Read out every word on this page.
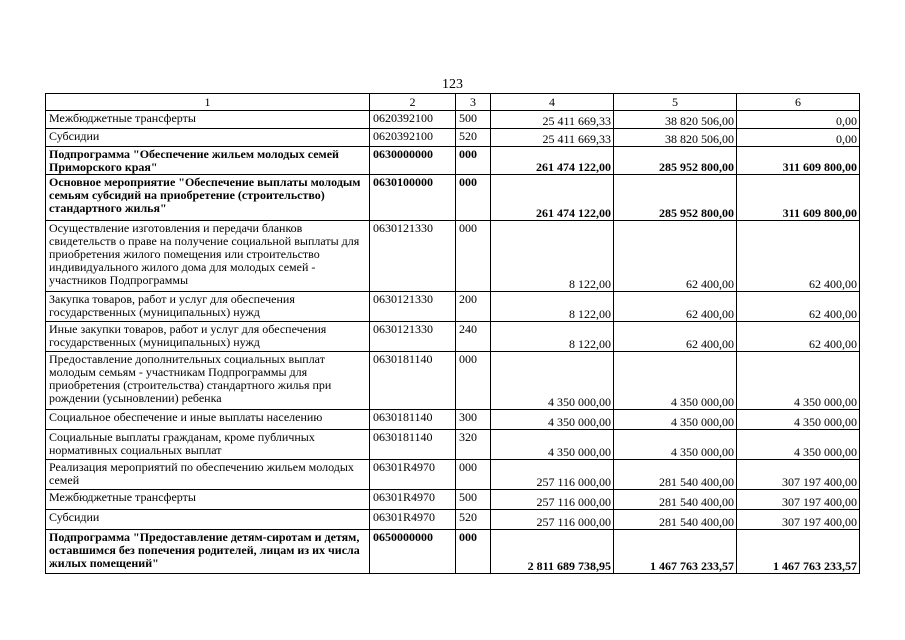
123
1	2	3	4	5	6
Межбюджетные трансферты	0620392100	500	25 411 669,33	38 820 506,00	0,00
Субсидии	0620392100	520	25 411 669,33	38 820 506,00	0,00
Подпрограмма "Обеспечение жильем молодых семей Приморского края"	0630000000	000	261 474 122,00	285 952 800,00	311 609 800,00
Основное мероприятие "Обеспечение выплаты молодым семьям субсидий на приобретение (строительство) стандартного жилья"	0630100000	000	261 474 122,00	285 952 800,00	311 609 800,00
Осуществление изготовления и передачи бланков свидетельств о праве на получение социальной выплаты для приобретения жилого помещения или строительство индивидуального жилого дома для молодых семей - участников Подпрограммы	0630121330	000	8 122,00	62 400,00	62 400,00
Закупка товаров, работ и услуг для обеспечения государственных (муниципальных) нужд	0630121330	200	8 122,00	62 400,00	62 400,00
Иные закупки товаров, работ и услуг для обеспечения государственных (муниципальных) нужд	0630121330	240	8 122,00	62 400,00	62 400,00
Предоставление дополнительных социальных выплат молодым семьям - участникам Подпрограммы для приобретения (строительства) стандартного жилья при рождении (усыновлении) ребенка	0630181140	000	4 350 000,00	4 350 000,00	4 350 000,00
Социальное обеспечение и иные выплаты населению	0630181140	300	4 350 000,00	4 350 000,00	4 350 000,00
Социальные выплаты гражданам, кроме публичных нормативных социальных выплат	0630181140	320	4 350 000,00	4 350 000,00	4 350 000,00
Реализация мероприятий по обеспечению жильем молодых семей	06301R4970	000	257 116 000,00	281 540 400,00	307 197 400,00
Межбюджетные трансферты	06301R4970	500	257 116 000,00	281 540 400,00	307 197 400,00
Субсидии	06301R4970	520	257 116 000,00	281 540 400,00	307 197 400,00
Подпрограмма "Предоставление детям-сиротам и детям, оставшимся без попечения родителей, лицам из их числа жилых помещений"	0650000000	000	2 811 689 738,95	1 467 763 233,57	1 467 763 233,57
